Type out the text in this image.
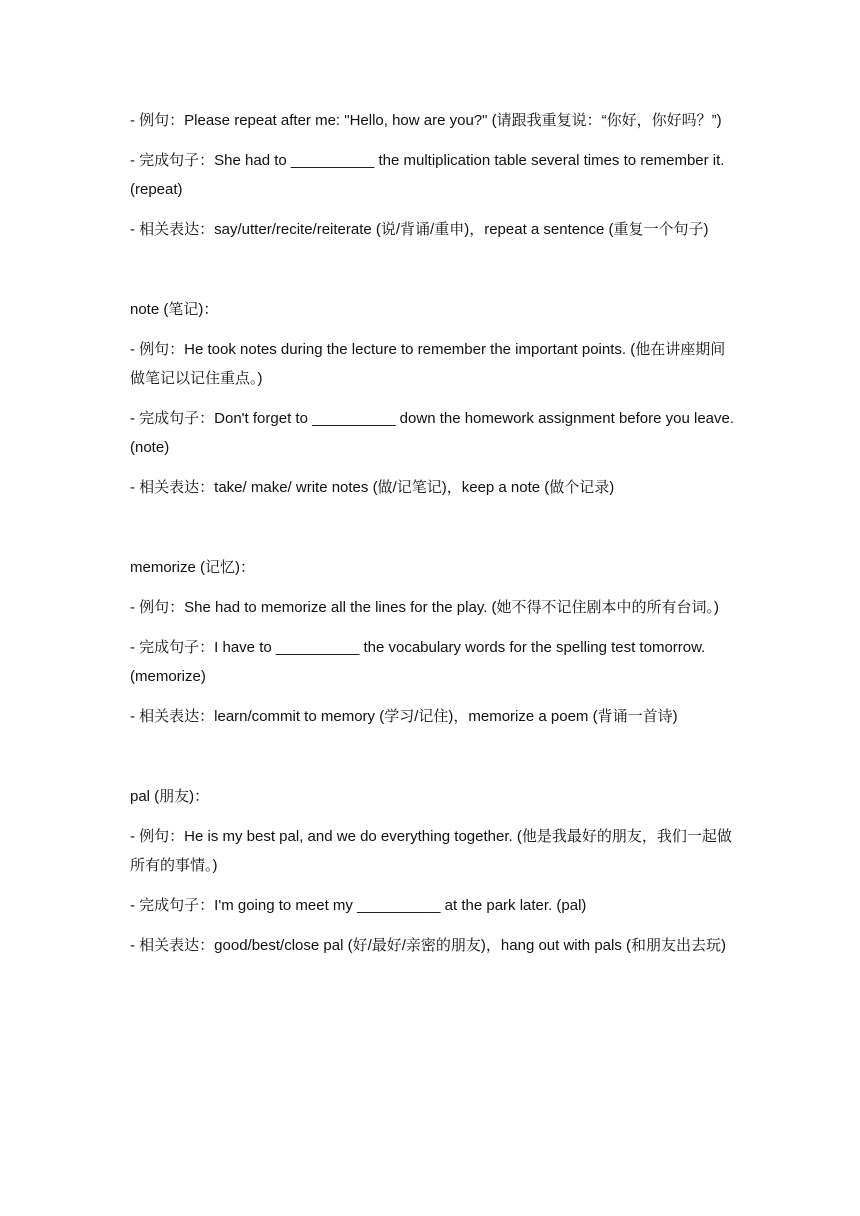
- 例句：Please repeat after me: "Hello, how are you?" (请跟我重复说：“你好，你好吗？”)

- 完成句子：She had to __________ the multiplication table several times to remember it. (repeat)

- 相关表达：say/utter/recite/reiterate (说/背诵/重申)，repeat a sentence (重复一个句子)

note (笔记)：

- 例句：He took notes during the lecture to remember the important points. (他在讲座期间做笔记以记住重点。)

- 完成句子：Don't forget to __________ down the homework assignment before you leave. (note)

- 相关表达：take/ make/ write notes (做/记笔记)，keep a note (做个记录)

memorize (记忆)：

- 例句：She had to memorize all the lines for the play. (她不得不记住剧本中的所有台词。)

- 完成句子：I have to __________ the vocabulary words for the spelling test tomorrow. (memorize)

- 相关表达：learn/commit to memory (学习/记住)，memorize a poem (背诵一首诗)

pal (朋友)：

- 例句：He is my best pal, and we do everything together. (他是我最好的朋友，我们一起做所有的事情。)

- 完成句子：I'm going to meet my __________ at the park later. (pal)

- 相关表达：good/best/close pal (好/最好/亲密的朋友)，hang out with pals (和朋友出去玩)
